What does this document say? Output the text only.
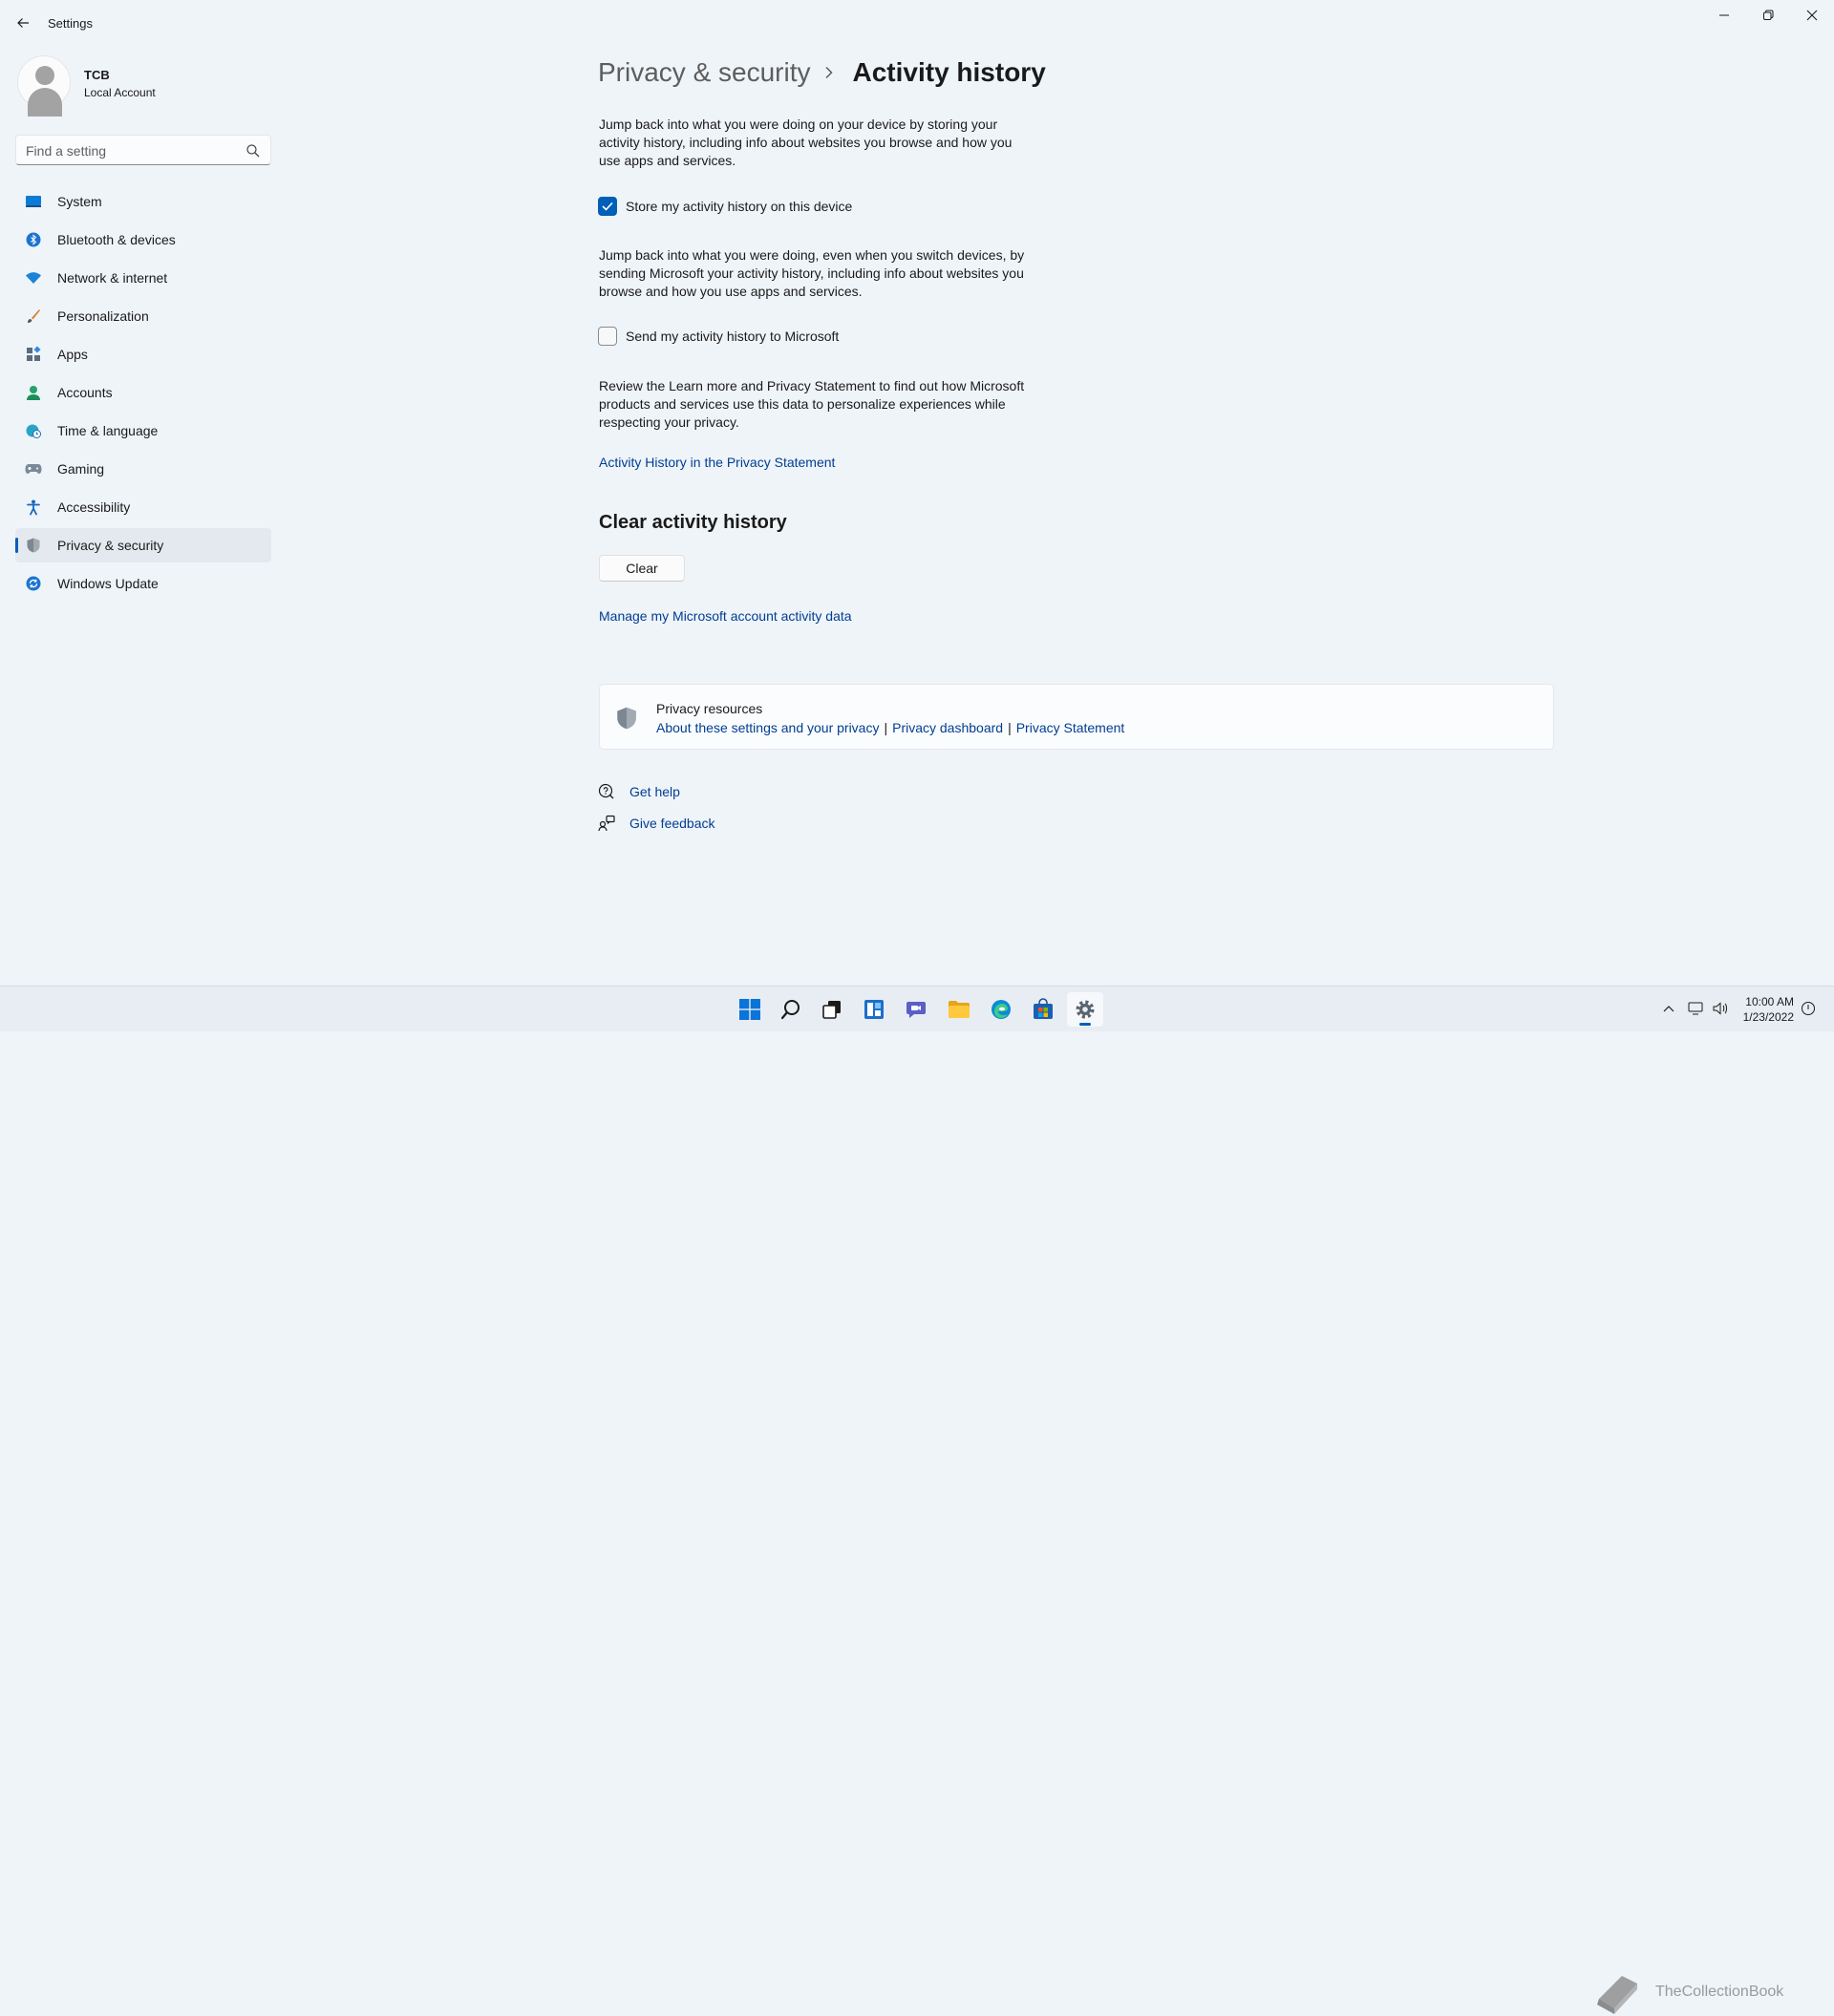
Settings
TCB
Local Account
Find a setting
System
Bluetooth & devices
Network & internet
Personalization
Apps
Accounts
Time & language
Gaming
Accessibility
Privacy & security
Windows Update
Privacy & security Activity history

Jump back into what you were doing on your device by storing your activity history, including info about websites you browse and how you use apps and services.

Store my activity history on this device

Jump back into what you were doing, even when you switch devices, by sending Microsoft your activity history, including info about websites you browse and how you use apps and services.

Send my activity history to Microsoft

Review the Learn more and Privacy Statement to find out how Microsoft products and services use this data to personalize experiences while respecting your privacy.

Activity History in the Privacy Statement
Clear activity history
Clear
Manage my Microsoft account activity data
Privacy resources
About these settings and your privacy | Privacy dashboard | Privacy Statement
Get help
Give feedback
10:00 AM
1/23/2022
TheCollectionBook
